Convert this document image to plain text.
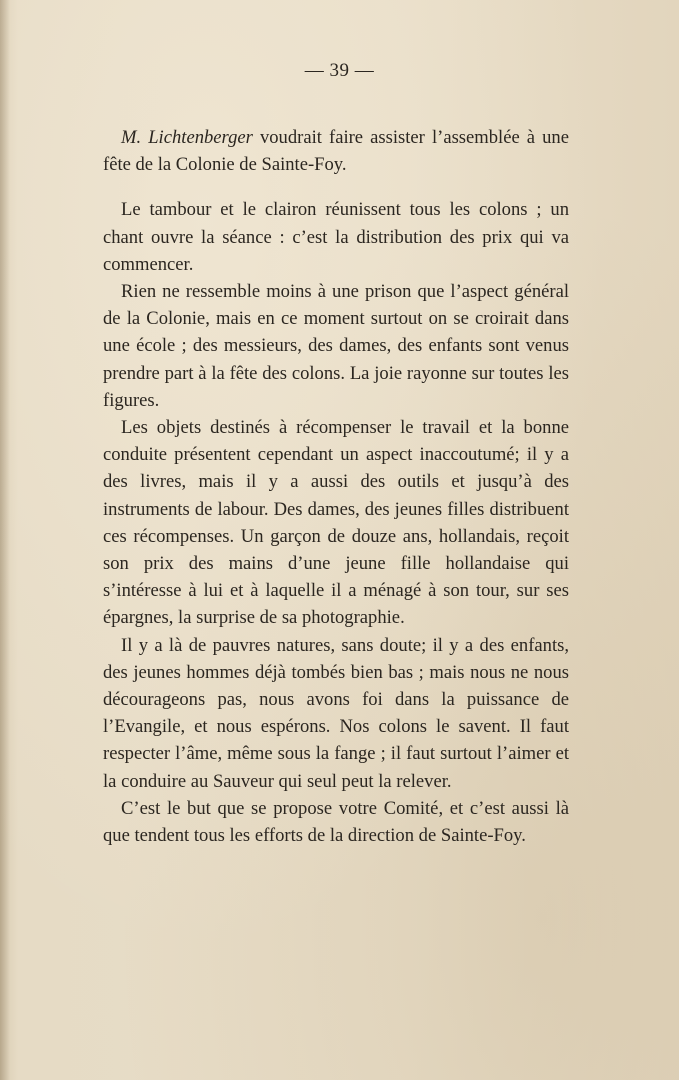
— 39 —

M. Lichtenberger voudrait faire assister l’assemblée à une fête de la Colonie de Sainte-Foy.

Le tambour et le clairon réunissent tous les colons ; un chant ouvre la séance : c’est la distribution des prix qui va commencer.

Rien ne ressemble moins à une prison que l’aspect général de la Colonie, mais en ce moment surtout on se croirait dans une école ; des messieurs, des dames, des enfants sont venus prendre part à la fête des colons. La joie rayonne sur toutes les figures.

Les objets destinés à récompenser le travail et la bonne conduite présentent cependant un aspect inaccoutumé; il y a des livres, mais il y a aussi des outils et jusqu’à des instruments de labour. Des dames, des jeunes filles distribuent ces récompenses. Un garçon de douze ans, hollandais, reçoit son prix des mains d’une jeune fille hollandaise qui s’intéresse à lui et à laquelle il a ménagé à son tour, sur ses épargnes, la surprise de sa photographie.

Il y a là de pauvres natures, sans doute; il y a des enfants, des jeunes hommes déjà tombés bien bas ; mais nous ne nous décourageons pas, nous avons foi dans la puissance de l’Evangile, et nous espérons. Nos colons le savent. Il faut respecter l’âme, même sous la fange ; il faut surtout l’aimer et la conduire au Sauveur qui seul peut la relever.

C’est le but que se propose votre Comité, et c’est aussi là que tendent tous les efforts de la direction de Sainte-Foy.
